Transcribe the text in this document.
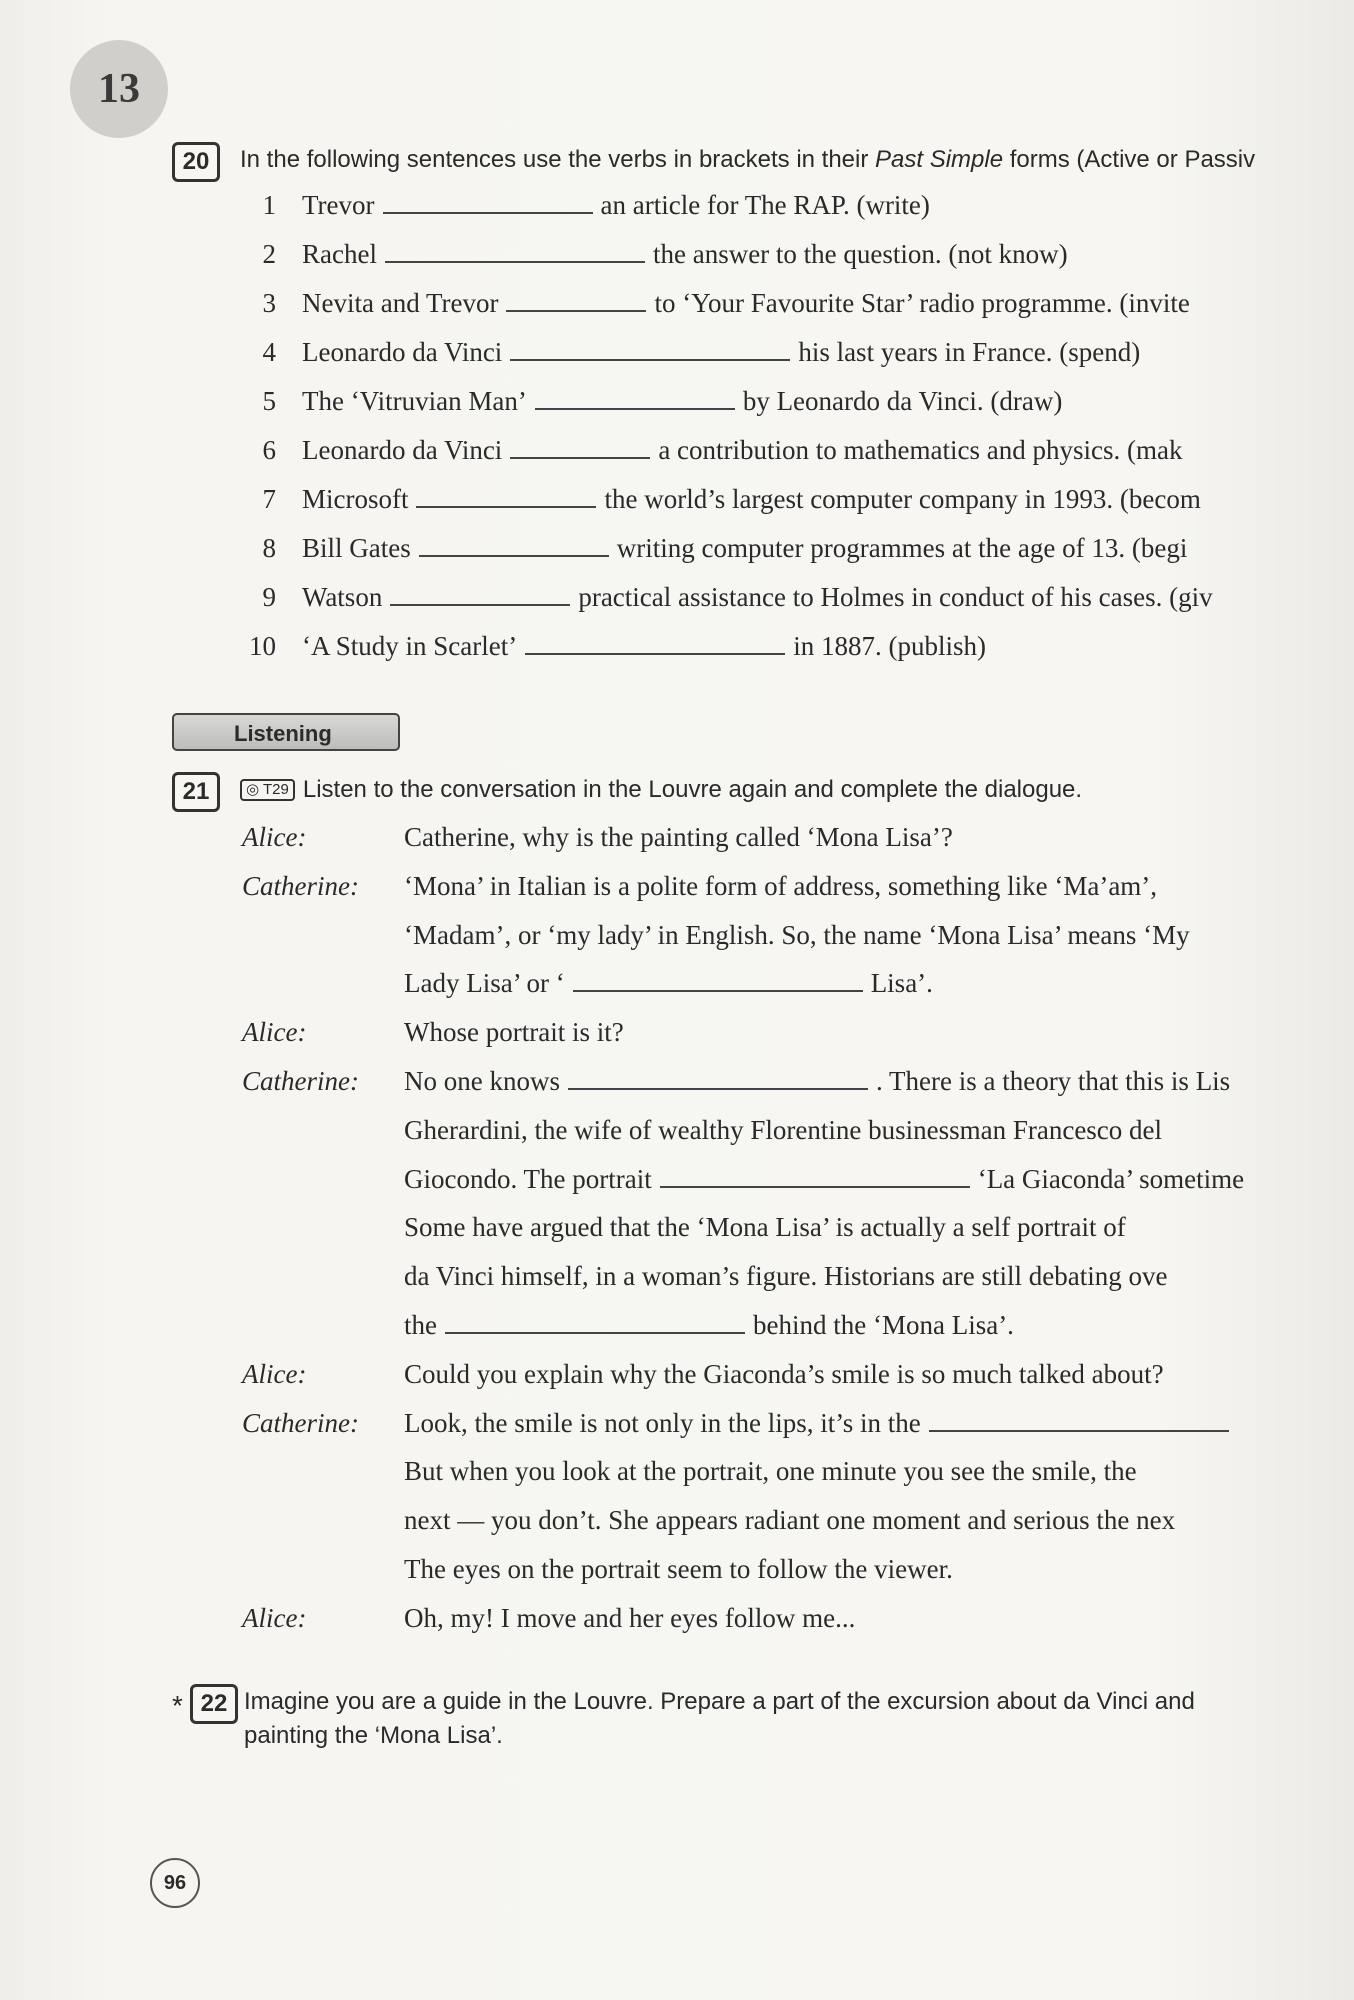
13
20	In the following sentences use the verbs in brackets in their Past Simple forms (Active or Passiv
1 Trevor	an article for The RAP. (write)
2 Rachel	the answer to the question. (not know)
3 Nevita and Trevor	to ‘Your Favourite Star’ radio programme. (invite
4 Leonardo da Vinci	his last years in France. (spend)
5 The ‘Vitruvian Man’	by Leonardo da Vinci. (draw)
6 Leonardo da Vinci	a contribution to mathematics and physics. (mak
7 Microsoft	the world’s largest computer company in 1993. (becom
8 Bill Gates	writing computer programmes at the age of 13. (begi
9 Watson	practical assistance to Holmes in conduct of his cases. (giv
10 ‘A Study in Scarlet’	in 1887. (publish)
Listening
21	◎ T29 Listen to the conversation in the Louvre again and complete the dialogue.
Alice:	Catherine, why is the painting called ‘Mona Lisa’?
Catherine: ‘Mona’ in Italian is a polite form of address, something like ‘Ma’am’,
‘Madam’, or ‘my lady’ in English. So, the name ‘Mona Lisa’ means ‘My
Lady Lisa’ or ‘	Lisa’.
Alice:	Whose portrait is it?
Catherine: No one knows	. There is a theory that this is Lis
Gherardini, the wife of wealthy Florentine businessman Francesco del
Giocondo. The portrait	‘La Giaconda’ sometime
Some have argued that the ‘Mona Lisa’ is actually a self portrait of
da Vinci himself, in a woman’s figure. Historians are still debating ove
the	behind the ‘Mona Lisa’.
Alice:	Could you explain why the Giaconda’s smile is so much talked about?
Catherine: Look, the smile is not only in the lips, it’s in the
But when you look at the portrait, one minute you see the smile, the
next — you don’t. She appears radiant one moment and serious the nex
The eyes on the portrait seem to follow the viewer.
Alice:	Oh, my! I move and her eyes follow me...
* 22 Imagine you are a guide in the Louvre. Prepare a part of the excursion about da Vinci and
painting the ‘Mona Lisa’.
96
